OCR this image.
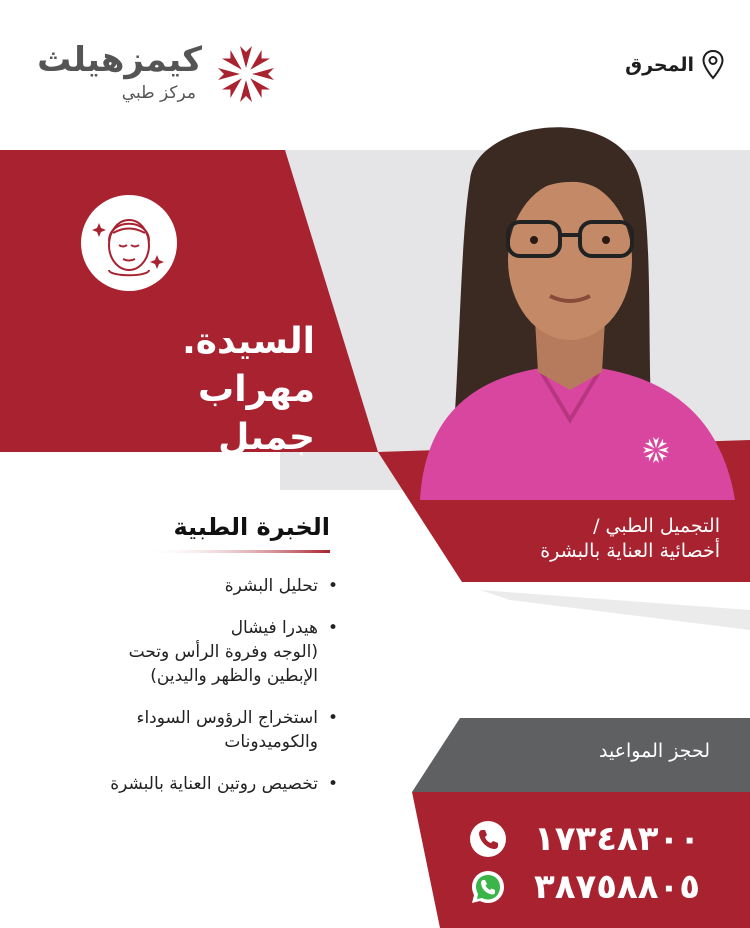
كيمزهيلث
مركز طبي
المحرق
السيدة. مهراب
جميل
التجميل الطبي /
أخصائية العناية بالبشرة
الخبرة الطبية
• تحليل البشرة
• هيدرا فيشال
(الوجه وفروة الرأس وتحت
الإبطين والظهر واليدين)
• استخراج الرؤوس السوداء
والكوميدونات
• تخصيص روتين العناية بالبشرة
لحجز المواعيد
١٧٣٤٨٣٠٠
٣٨٧٥٨٨٠٥
